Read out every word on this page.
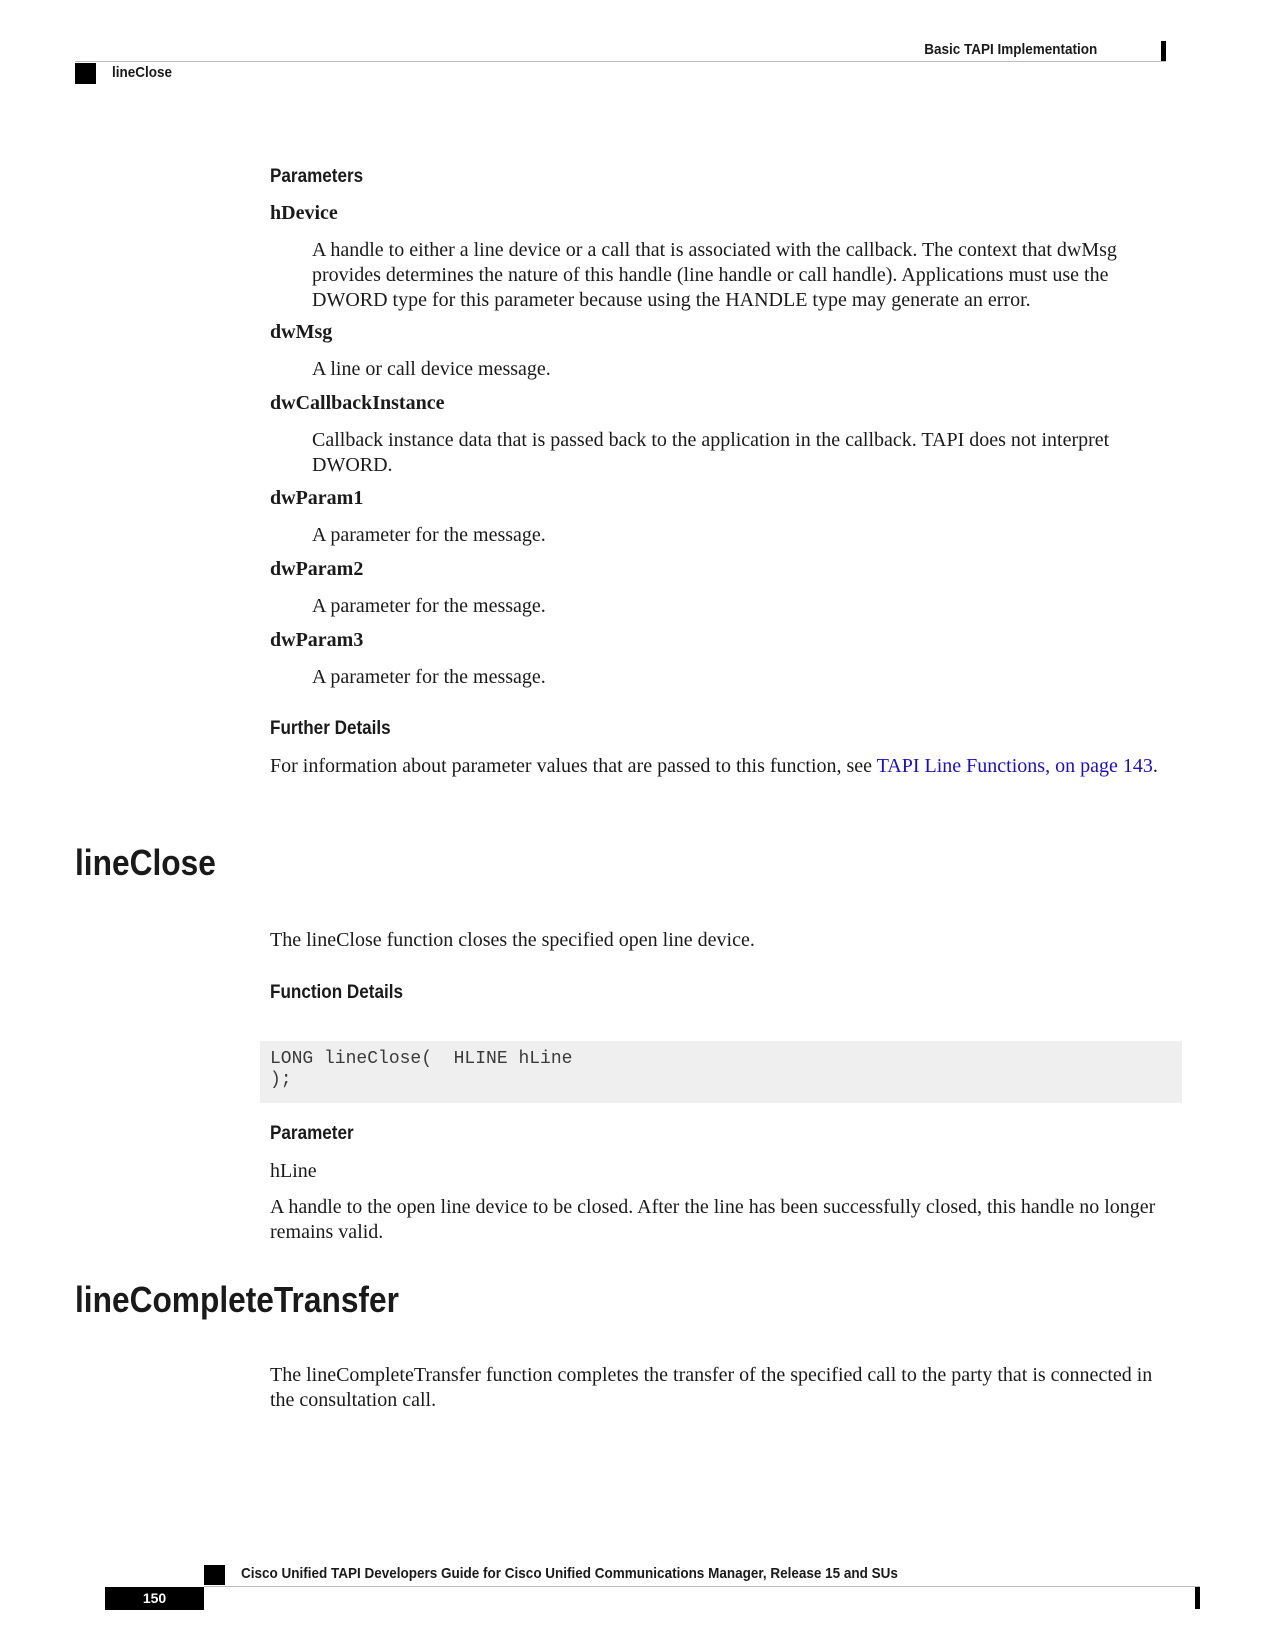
Basic TAPI Implementation
lineClose
Parameters
hDevice
A handle to either a line device or a call that is associated with the callback. The context that dwMsg provides determines the nature of this handle (line handle or call handle). Applications must use the DWORD type for this parameter because using the HANDLE type may generate an error.
dwMsg
A line or call device message.
dwCallbackInstance
Callback instance data that is passed back to the application in the callback. TAPI does not interpret DWORD.
dwParam1
A parameter for the message.
dwParam2
A parameter for the message.
dwParam3
A parameter for the message.
Further Details
For information about parameter values that are passed to this function, see TAPI Line Functions, on page 143.
lineClose
The lineClose function closes the specified open line device.
Function Details
LONG lineClose(  HLINE hLine
);
Parameter
hLine
A handle to the open line device to be closed. After the line has been successfully closed, this handle no longer remains valid.
lineCompleteTransfer
The lineCompleteTransfer function completes the transfer of the specified call to the party that is connected in the consultation call.
Cisco Unified TAPI Developers Guide for Cisco Unified Communications Manager, Release 15 and SUs
150
